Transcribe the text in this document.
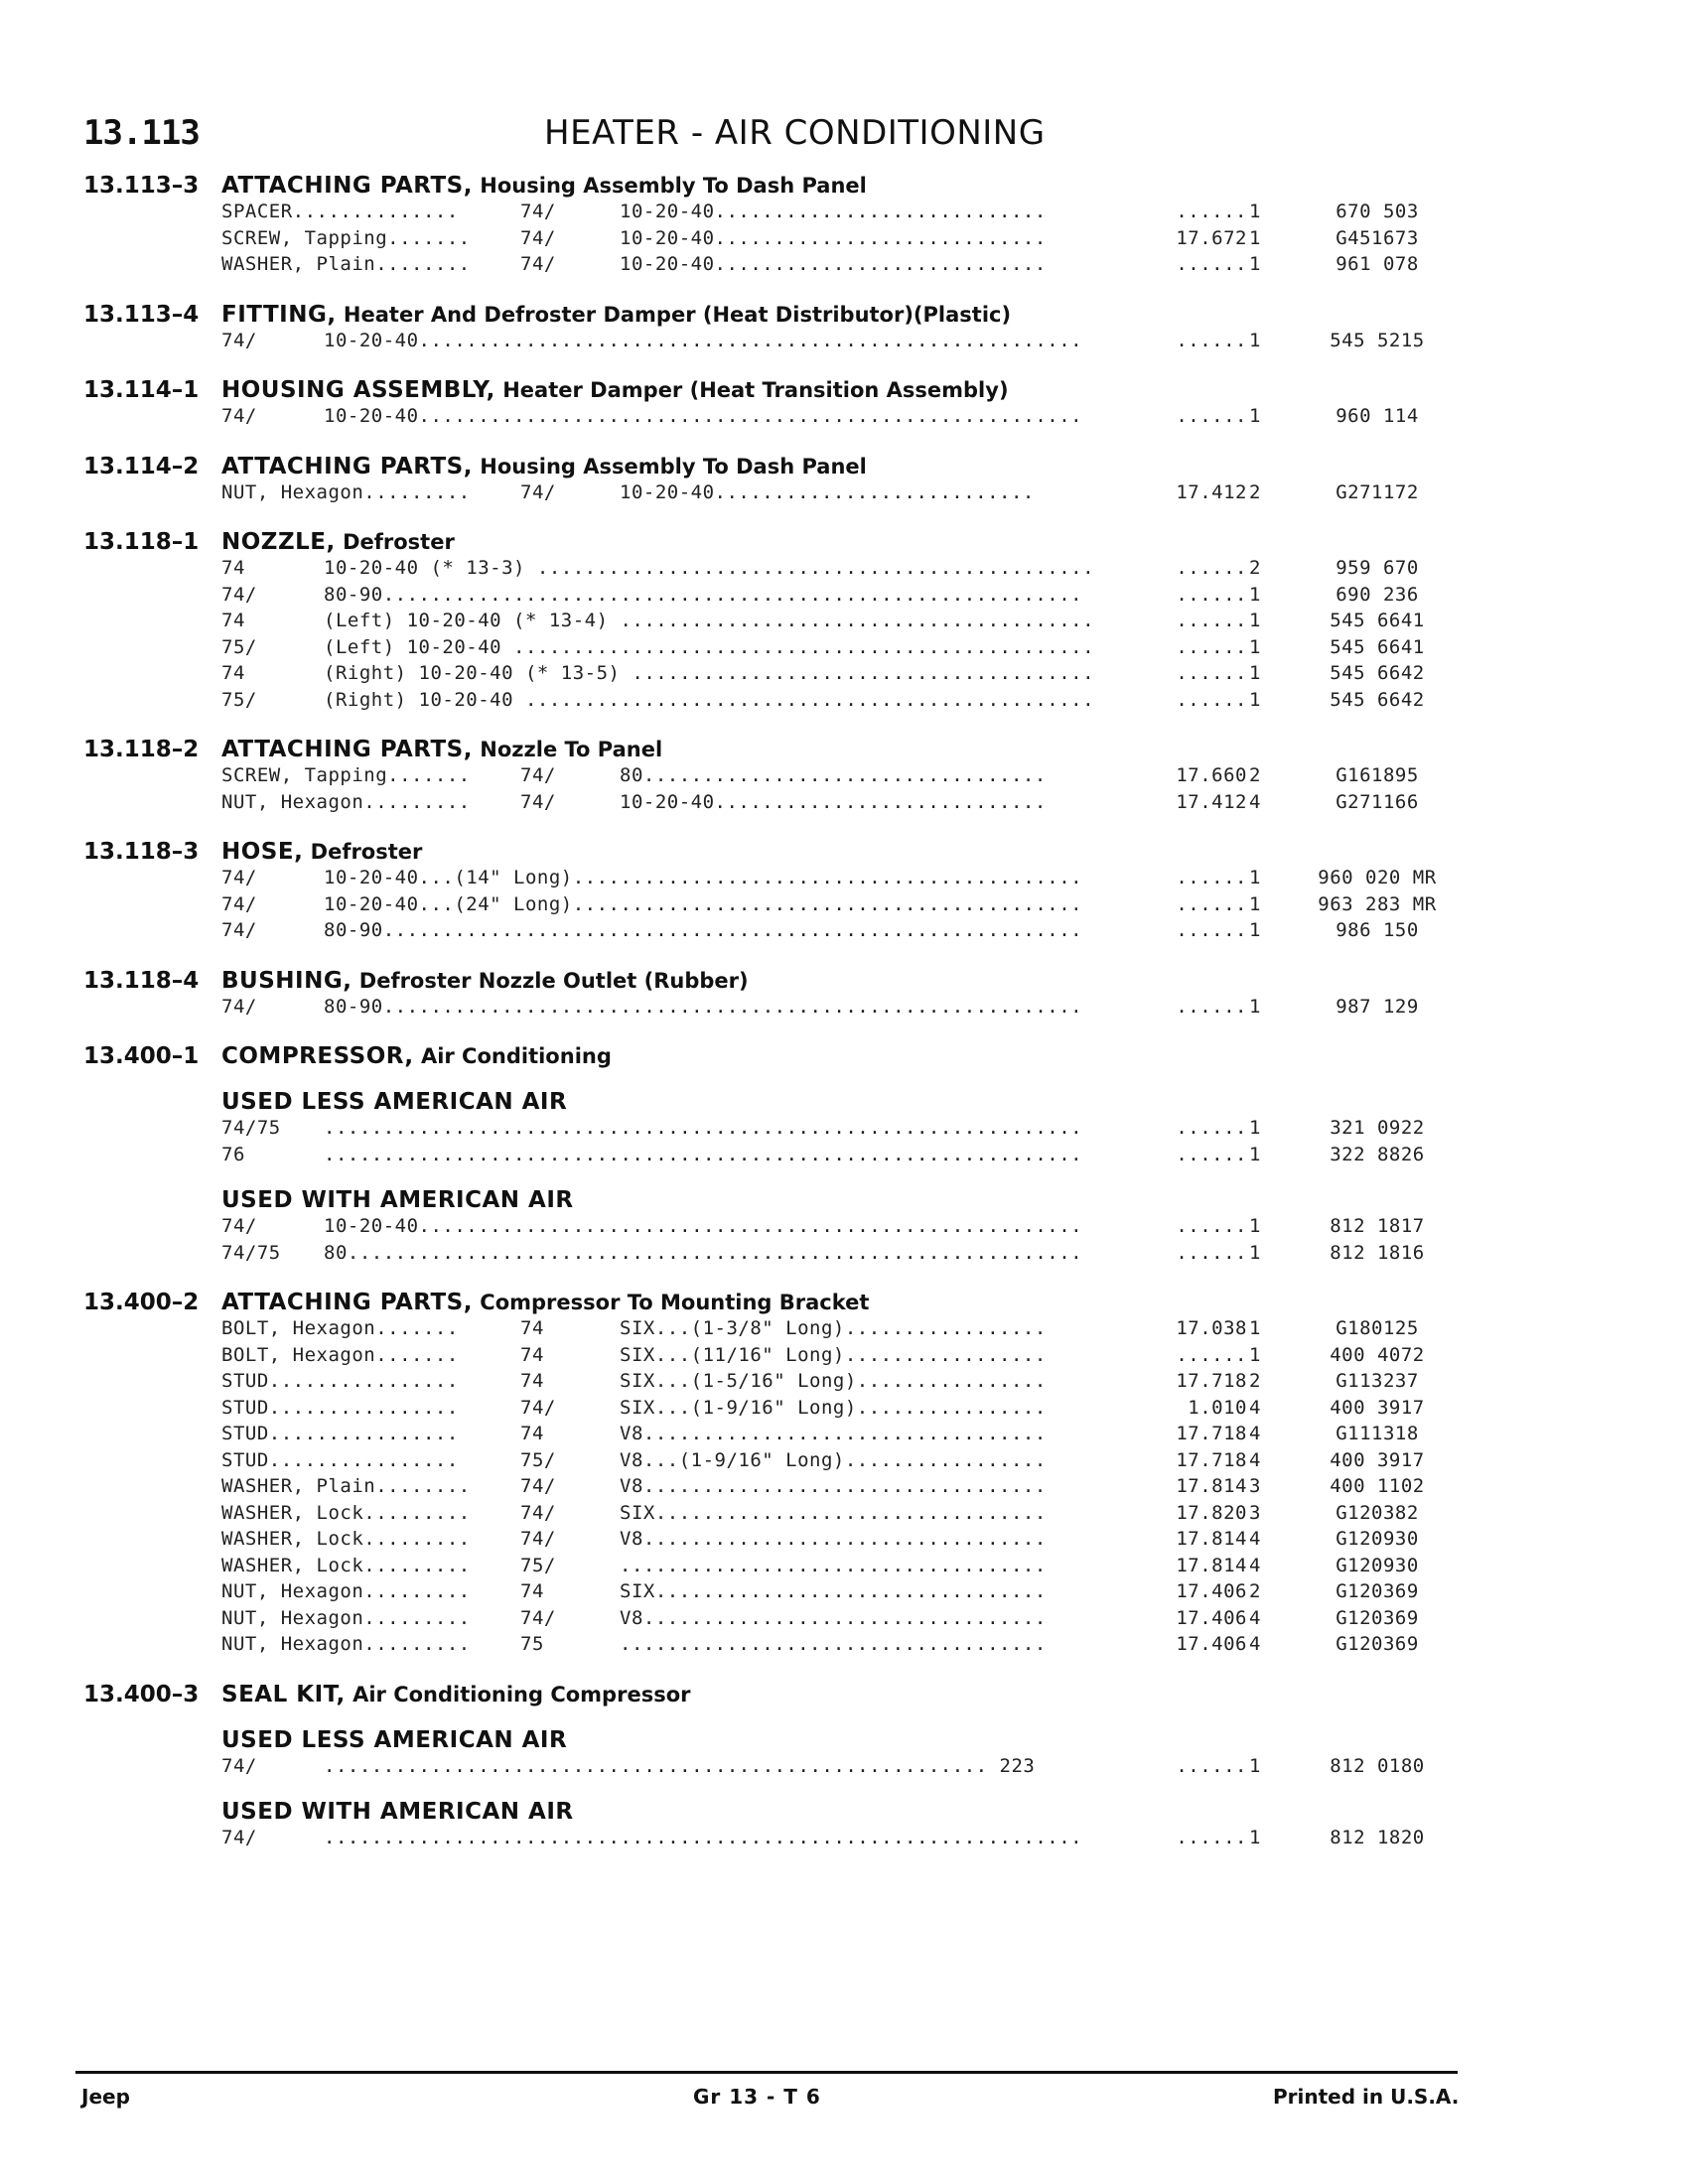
13.113	HEATER - AIR CONDITIONING
13.113–3 ATTACHING PARTS, Housing Assembly To Dash Panel
SPACER..............	74/	10-20-40............................	...... 1	670 503
SCREW, Tapping.......	74/	10-20-40............................	17.672 1	G451673
WASHER, Plain........	74/	10-20-40............................	...... 1	961 078
13.113–4 FITTING, Heater And Defroster Damper (Heat Distributor)(Plastic)
74/	10-20-40........................................................	...... 1	545 5215
13.114–1 HOUSING ASSEMBLY, Heater Damper (Heat Transition Assembly)
74/	10-20-40........................................................	...... 1	960 114
13.114–2 ATTACHING PARTS, Housing Assembly To Dash Panel
NUT, Hexagon.........	74/	10-20-40...........................	17.412 2	G271172
13.118–1 NOZZLE, Defroster
74	10-20-40 (* 13-3) ...............................................	...... 2	959 670
74/	80-90...........................................................	...... 1	690 236
74	(Left) 10-20-40 (* 13-4) ........................................	...... 1	545 6641
75/	(Left) 10-20-40 .................................................	...... 1	545 6641
74	(Right) 10-20-40 (* 13-5) .......................................	...... 1	545 6642
75/	(Right) 10-20-40 ................................................	...... 1	545 6642
13.118–2 ATTACHING PARTS, Nozzle To Panel
SCREW, Tapping.......	74/	80..................................	17.660 2	G161895
NUT, Hexagon.........	74/	10-20-40............................	17.412 4	G271166
13.118–3 HOSE, Defroster
74/	10-20-40...(14" Long)...........................................	...... 1	960 020 MR
74/	10-20-40...(24" Long)...........................................	...... 1	963 283 MR
74/	80-90...........................................................	...... 1	986 150
13.118–4 BUSHING, Defroster Nozzle Outlet (Rubber)
74/	80-90...........................................................	...... 1	987 129
13.400–1 COMPRESSOR, Air Conditioning
USED LESS AMERICAN AIR
74/75 ................................................................	...... 1	321 0922
76	................................................................	...... 1	322 8826
USED WITH AMERICAN AIR
74/	10-20-40........................................................	...... 1	812 1817
74/75 80..............................................................	...... 1	812 1816
13.400–2 ATTACHING PARTS, Compressor To Mounting Bracket
BOLT, Hexagon.......	74	SIX...(1-3/8" Long).................	17.038 1	G180125
BOLT, Hexagon.......	74	SIX...(11/16" Long).................	...... 1	400 4072
STUD................	74	SIX...(1-5/16" Long)................	17.718 2	G113237
STUD................	74/	SIX...(1-9/16" Long)................	1.010 4	400 3917
STUD................	74	V8..................................	17.718 4	G111318
STUD................	75/	V8...(1-9/16" Long).................	17.718 4	400 3917
WASHER, Plain........	74/	V8..................................	17.814 3	400 1102
WASHER, Lock.........	74/	SIX.................................	17.820 3	G120382
WASHER, Lock.........	74/	V8..................................	17.814 4	G120930
WASHER, Lock.........	75/	....................................	17.814 4	G120930
NUT, Hexagon.........	74	SIX.................................	17.406 2	G120369
NUT, Hexagon.........	74/	V8..................................	17.406 4	G120369
NUT, Hexagon.........	75	....................................	17.406 4	G120369
13.400–3 SEAL KIT, Air Conditioning Compressor
USED LESS AMERICAN AIR
74/	........................................................ 223	...... 1	812 0180
USED WITH AMERICAN AIR
74/	................................................................	...... 1	812 1820
Jeep	Gr 13 - T 6	Printed in U.S.A.
